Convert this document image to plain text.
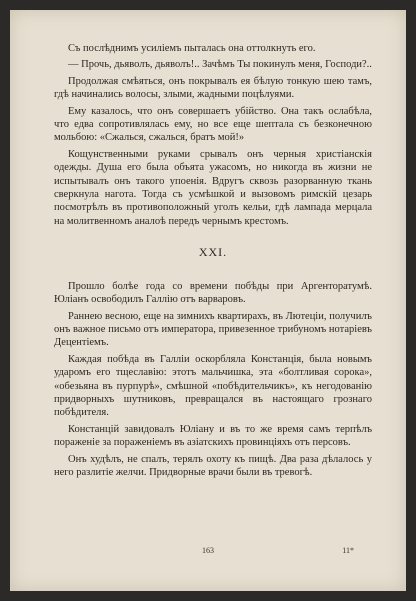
Съ послѣднимъ усиліемъ пыталась она оттолкнуть его.

— Прочь, дьяволъ, дьяволъ!.. Зачѣмъ Ты покинулъ меня, Господи?..

Продолжая смѣяться, онъ покрывалъ ея бѣлую тонкую шею тамъ, гдѣ начинались волосы, злыми, жадными поцѣлуями.

Ему казалось, что онъ совершаетъ убійство. Она такъ ослабѣла, что едва сопротивлялась ему, но все еще шептала съ безконечною мольбою: «Сжалься, сжалься, братъ мой!»

Кощунственными руками срывалъ онъ черныя христіанскія одежды. Душа его была объята ужасомъ, но никогда въ жизни не испытывалъ онъ такого упоенія. Вдругъ сквозь разорванную ткань сверкнула нагота. Тогда съ усмѣшкой и вызовомъ римскій цезарь посмотрѣлъ въ противоположный уголъ кельи, гдѣ лампада мерцала на молитвенномъ аналоѣ передъ чернымъ крестомъ.

XXI.

Прошло болѣе года со времени побѣды при Аргенторатумѣ. Юліанъ освободилъ Галлію отъ варваровъ.

Раннею весною, еще на зимнихъ квартирахъ, въ Лютеціи, получилъ онъ важное письмо отъ императора, привезенное трибуномъ нотаріевъ Децентіемъ.

Каждая побѣда въ Галліи оскорбляла Констанція, была новымъ ударомъ его тщеславію: этотъ мальчишка, эта «болтливая сорока», «обезьяна въ пурпурѣ», смѣшной «побѣдительчикъ», къ негодованію придворныхъ шутниковъ, превращался въ настоящаго грознаго побѣдителя.

Констанцій завидовалъ Юліану и въ то же время самъ терпѣлъ пораженіе за пораженіемъ въ азіатскихъ провинціяхъ отъ персовъ.

Онъ худѣлъ, не спалъ, терялъ охоту къ пищѣ. Два раза дѣлалось у него разлитіе желчи. Придворные врачи были въ тревогѣ.

163	11*
